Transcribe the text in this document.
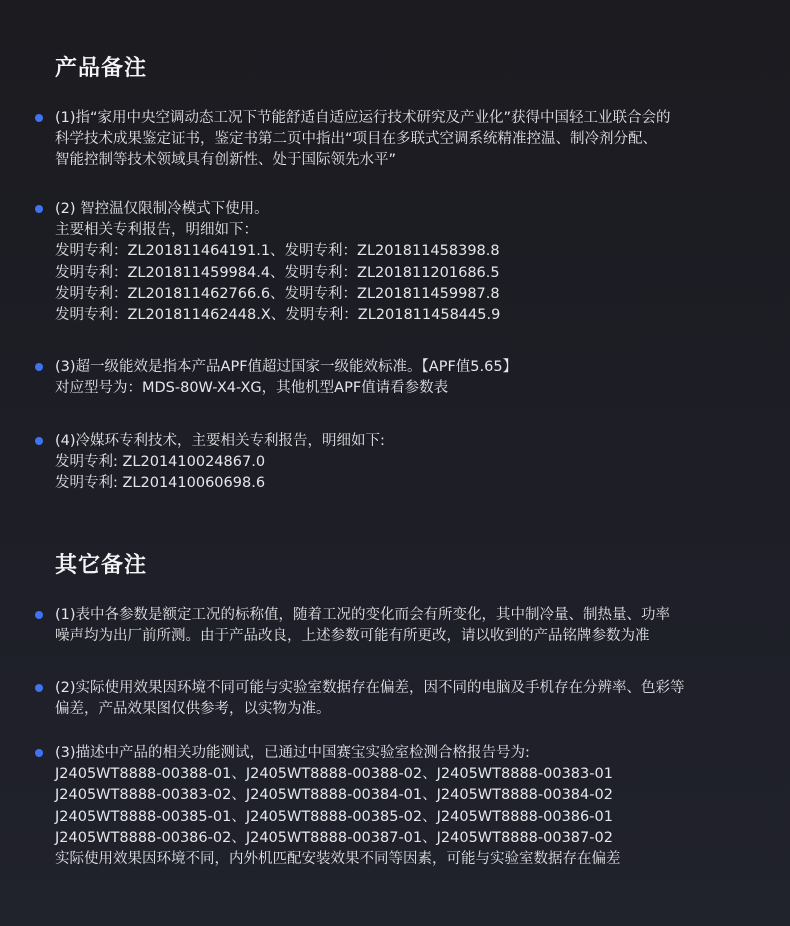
产品备注
(1)指“家用中央空调动态工况下节能舒适自适应运行技术研究及产业化”获得中国轻工业联合会的
科学技术成果鉴定证书，鉴定书第二页中指出“项目在多联式空调系统精准控温、制冷剂分配、
智能控制等技术领域具有创新性、处于国际领先水平”
(2) 智控温仅限制冷模式下使用。
主要相关专利报告，明细如下：
发明专利：ZL201811464191.1、发明专利：ZL201811458398.8
发明专利：ZL201811459984.4、发明专利：ZL201811201686.5
发明专利：ZL201811462766.6、发明专利：ZL201811459987.8
发明专利：ZL201811462448.X、发明专利：ZL201811458445.9
(3)超一级能效是指本产品APF值超过国家一级能效标准。【APF值5.65】
对应型号为：MDS-80W-X4-XG，其他机型APF值请看参数表
(4)冷媒环专利技术，主要相关专利报告，明细如下:
发明专利: ZL201410024867.0
发明专利: ZL201410060698.6
其它备注
(1)表中各参数是额定工况的标称值，随着工况的变化而会有所变化，其中制冷量、制热量、功率
噪声均为出厂前所测。由于产品改良，上述参数可能有所更改，请以收到的产品铭牌参数为准
(2)实际使用效果因环境不同可能与实验室数据存在偏差，因不同的电脑及手机存在分辨率、色彩等
偏差，产品效果图仅供参考，以实物为准。
(3)描述中产品的相关功能测试，已通过中国赛宝实验室检测合格报告号为:
J2405WT8888-00388-01、J2405WT8888-00388-02、J2405WT8888-00383-01
J2405WT8888-00383-02、J2405WT8888-00384-01、J2405WT8888-00384-02
J2405WT8888-00385-01、J2405WT8888-00385-02、J2405WT8888-00386-01
J2405WT8888-00386-02、J2405WT8888-00387-01、J2405WT8888-00387-02
实际使用效果因环境不同，内外机匹配安装效果不同等因素，可能与实验室数据存在偏差
